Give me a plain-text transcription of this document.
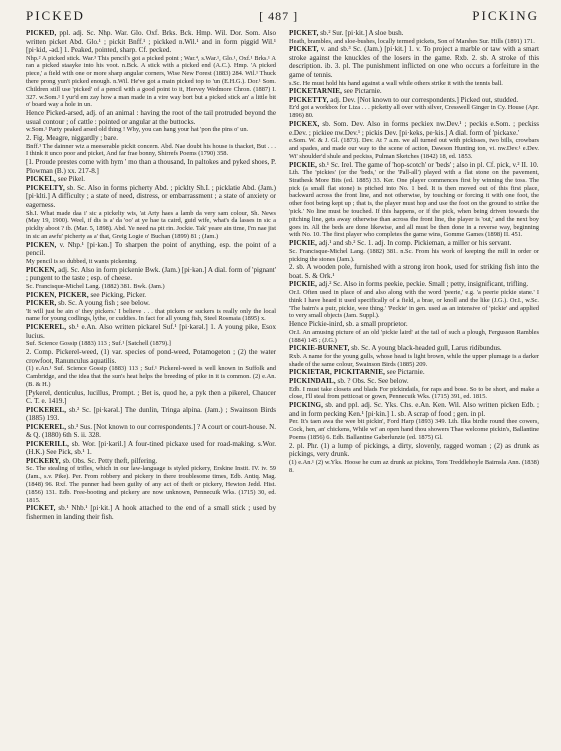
PICKED	[ 487 ]	PICKING

PICKED, ppl. adj. Sc. Nhp. War. Glo. Oxf. Brks. Bck. Hmp. Wil. Dor. Som. Also written picket Abd. Glo.¹ ; pickit Bnff.¹ ; pickked n.Wil.¹ and in form piggid Wil.¹ [pi·kid, -əd.] 1. Peaked, pointed, sharp. Cf. pecked.

Nhp.² A picked stick. War.³ This pencil's got a picked point ; War.⁴, s.War.¹, Glo.¹, Oxf.¹ Brks.¹ A ran a picked staayke into his voot. n.Bck. A stick with a picked end (A.C.). Hmp. 'A picked piece,' a field with one or more sharp angular corners, Wise New Forest (1883) 284. Wil.¹ Thuck there prong yun't picked enough. n.Wil. He've got a main picked top to 'un (E.H.G.). Dor.¹ Som. Children still use 'picked' of a pencil with a good point to it, Hervey Wedmore Chron. (1887) I. 327. w.Som.¹ I yur'd em zay how a man made in a vire way bort but a picked stick an' a little bit o' board way a hole in un.

Hence Picked-arsed, adj. of an animal : having the root of the tail protruded beyond the usual contour ; of cattle : pointed or angular at the buttocks.

w.Som.¹ Party peaked arsed old thing ! Why, you can hang your hat 'pon the pins o' un.

2. Fig. Meagre, niggardly ; bare.

Bnff.¹ The dainner wiz a meeserable pickit concern. Abd. Nae doubt his house is thacket, But . . . I think it unco poor and picket, And far frae bonny, Shirrefs Poems (1790) 358.

[1. Proude prestes come with hym ' mo than a thousand, In paltokes and pyked shoes, P. Plowman (B.) xx. 217-8.]

PICKEL, see Pikel.

PICKELTY, sb. Sc. Also in forms picherty Abd. ; picklty Sh.I. ; picklatie Abd. (Jam.) [pi·klti.] A difficulty ; a state of need, distress, or embarrassment ; a state of anxiety or eagerness.

Sh.I. What made daa i' sic a pickelty wis, 'at Arty haes a lamb da very sam colour, Sh. News (May 19, 1900). Weel, if dis is a' da 'oo' at ye hae ta caird, guid wife, what's da lasses in sic a picklty aboot ? ib. (Mar. 5, 1898). Abd. Ye need na pit rin. Jockie. Tak' yeare ain time, I'm nae jist in sic an awfu' picherty as a' that, Greig Logie o' Buchan (1899) 81 ; (Jam.)

PICKEN, v. Nhp.¹ [pi·kən.] To sharpen the point of anything, esp. the point of a pencil.

My pencil is so dubbed, it wants pickening.

PICKEN, adj. Sc. Also in form pickenie Bwk. (Jam.) [pi·kən.] A dial. form of 'pignant' ; pungent to the taste ; esp. of cheese.

Sc. Francisque-Michel Lang. (1882) 381. Bwk. (Jam.)

PICKEN, PICKER, see Picking, Picker.

PICKER, sb. Sc. A young fish ; see below.

'It will just be ain o' they pickers.' I believe . . . that pickers or suckers is really only the local name for young codlings, lythe, or cuddies. In fact for all young fish, Steel Rosmaia (1895) x.

PICKEREL, sb.¹ e.An. Also written pickarel Suf.¹ [pi·kərəl.] 1. A young pike, Esox lucius.

Suf. Science Gossip (1883) 113 ; Suf.¹ [Satchell (1879).]

2. Comp. Pickerel-weed, (1) var. species of pond-weed, Potamogeton ; (2) the water crowfoot, Ranunculus aquatilis.

(1) e.An.¹ Suf. Science Gossip (1883) 113 ; Suf.¹ Pickerel-weed is well known in Suffolk and Cambridge, and the idea that the sun's heat helps the breeding of pike in it is common. (2) e.An. (B. & H.)

[Pykerel, denticulus, lucillus, Prompt. ; Bet is, quod he, a pyk then a pikerel, Chaucer C. T. e. 1419.]

PICKEREL, sb.² Sc. [pi·kərəl.] The dunlin, Tringa alpina. (Jam.) ; Swainson Birds (1885) 193.

PICKEREL, sb.³ Sus. [Not known to our correspondents.] ? A court or court-house. N. & Q. (1880) 6th S. ii. 328.

PICKERILL, sb. Wor. [pi·kəril.] A four-tined pickaxe used for road-making. s.Wor. (H.K.) See Pick, sb.¹ 1.

PICKERY, sb. Obs. Sc. Petty theft, pilfering.

Sc. The stealing of trifles, which in our law-language is styled pickery, Erskine Instit. IV. iv. 59 (Jam., s.v. Pike). Per. From robbery and pickery in there troublesome times, Edb. Antiq. Mag. (1848) 96. Rxf. The punner had been guilty of any act of theft or pickery, Hewton Jedd. Hist. (1856) 131. Edb. Free-booting and pickery are now unknown, Pennecuik Wks. (1715) 30, ed. 1815.

PICKET, sb.¹ Nhb.¹ [pi·kit.] A hook attached to the end of a small stick ; used by fishermen in landing their fish.

PICKET, sb.² Sur. [pi·kit.] A sloe bush.

Heath, brambles, and sloe-bushes, locally termed pickets, Son of Marshes Sur. Hills (1891) 171.

PICKET, v. and sb.³ Sc. (Jam.) [pi·kit.] 1. v. To project a marble or taw with a smart stroke against the knuckles of the losers in the game. Rxb. 2. sb. A stroke of this description. ib. 3. pl. The punishment inflicted on one who occurs a forfeiture in the game of tennis.

s.Sc. He must hold his hand against a wall while others strike it with the tennis ball.

PICKETARNIE, see Pictarnie.

PICKETTY, adj. Dev. [Not known to our correspondents.] Picked out, studded.

Er'd got a workbox for Liza . . . picketty all over with silver, Cresswell Ginger in Cy. House (Apr. 1896) 80.

PICKEX, sb. Som. Dev. Also in forms peckiex nw.Dev.¹ ; peckis e.Som. ; peckiss e.Dev. ; pickiee nw.Dev.¹ ; pickis Dev. [pi·keks, pe·kis.] A dial. form of 'pickaxe.'

e.Som. W. & J. Gl. (1873). Dev. At 7 a.m. we all turned out with pickisses, two bills, crowbars and spades, and made our way to the scene of action, Dawson Hunting ton, vi. nw.Dev.¹ e.Dev. Wi' shoulder'd shule and peckiss, Pulman Sketches (1842) 18, ed. 1853.

PICKIE, sb.¹ Sc. Irel. The game of 'hop-scotch' or 'beds' ; also in pl. Cf. pick, v.² II. 10.

Lth. The 'pickies' (or the 'beds,' or the 'Pall-all') played with a flat stone on the pavement, Strathesk More Bits (ed. 1885) 33. Ker. One player commences first by winning the toss. The pick (a small flat stone) is pitched into No. 1 bed. It is then moved out of this first place, backward across the front line, and not otherwise, by touching or forcing it with one foot, the other foot being kept up ; that is, the player must hop and use the foot on the ground to strike the 'pick.' No line must be touched. If this happens, or if the pick, when being driven towards the pitching line, gets away otherwise than across the front line, the player is 'out,' and the next boy goes in. All the beds are done likewise, and all must be then done in a reverse way, beginning with No. 10. The first player who completes the game wins, Gomme Games (1898) II. 451.

PICKIE, adj.¹ and sb.² Sc. 1. adj. In comp. Pickieman, a miller or his servant.

Sc. Francisque-Michel Lang. (1882) 381. n.Sc. From his work of keeping the mill in order or picking the stones (Jam.).

2. sb. A wooden pole, furnished with a strong iron hook, used for striking fish into the boat. S. & Ork.¹

PICKIE, adj.² Sc. Also in forms peekie, peckie. Small ; petty, insignificant, trifling.

Or.I. Often used in place of and also along with the word 'peerie,' e.g. 'a peerie pickie stane.' I think I have heard it used specifically of a field, a brae, or knoll and the like (J.G.). Or.I., w.Sc. 'The bairn's a puir, pickie, wee thing.' 'Peckie' in gen. used as an intensive of 'pickie' and applied to very small objects (Jam. Suppl.).

Hence Pickie-inird, sb. a small proprietor.

Or.I. An amusing picture of an old 'pickie laird' at the tail of such a plough, Fergusson Rambles (1884) 145 ; (J.G.)

PICKIE-BURNET, sb. Sc. A young black-headed gull, Larus ridibundus.

Rxb. A name for the young gulls, whose head is light brown, while the upper plumage is a darker shade of the same colour, Swainson Birds (1885) 209.

PICKIETAR, PICKITARNIE, see Pictarnie.

PICKINDAIL, sb. ? Obs. Sc. See below.

Edb. I must take closets and blads For pickindails, for raps and bose. So to be short, and make a close, I'll steal from petticoat or gown, Pennecuik Wks. (1715) 391, ed. 1815.

PICKING, sb. and ppl. adj. Sc. Yks. Chs. e.An. Ken. Wil. Also written picken Edb. ; and in form pecking Ken.¹ [pi·kin.] 1. sb. A scrap of food ; gen. in pl.

Per. It's taen awa the wee bit pickin', Ford Harp (1893) 349. Lth. Ilka birdie round thee cowers, Cock, hen, an' chickens, While wi' an open hand thou showers Thae welcome pickin's, Ballantine Poems (1856) 6. Edb. Ballantine Gaberlunzie (ed. 1875) Gl.

2. pl. Phr. (1) a lump of pickings, a dirty, slovenly, ragged woman ; (2) as drunk as pickings, very drunk.

(1) e.An.¹ (2) w.Yks. Hoose he cum az drunk az pickins, Tom Treddlehoyle Bairnsla Ann. (1838) 8.
